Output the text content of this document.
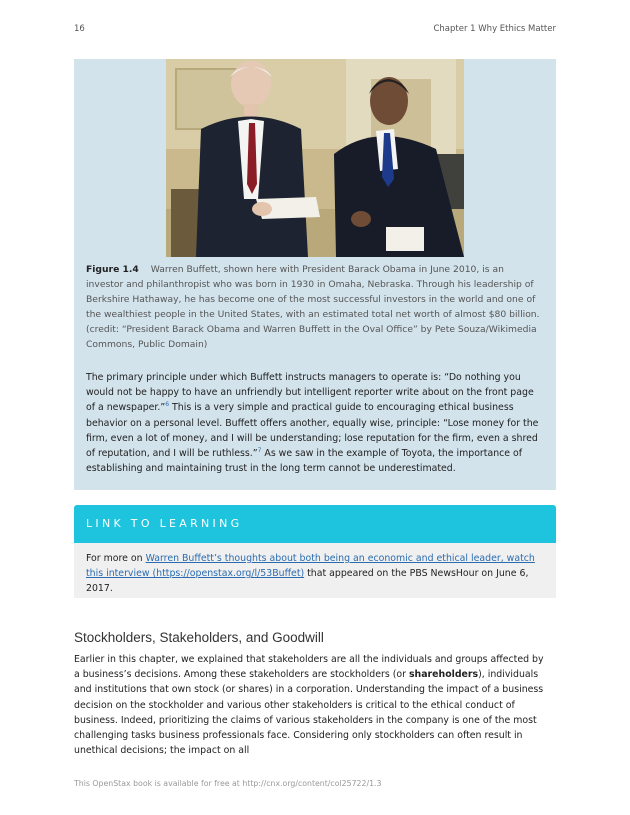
16	Chapter 1 Why Ethics Matter
Figure 1.4 Warren Buffett, shown here with President Barack Obama in June 2010, is an investor and philanthropist who was born in 1930 in Omaha, Nebraska. Through his leadership of Berkshire Hathaway, he has become one of the most successful investors in the world and one of the wealthiest people in the United States, with an estimated total net worth of almost $80 billion. (credit: “President Barack Obama and Warren Buffett in the Oval Office” by Pete Souza/Wikimedia Commons, Public Domain)
The primary principle under which Buffett instructs managers to operate is: “Do nothing you would not be happy to have an unfriendly but intelligent reporter write about on the front page of a newspaper.”$^6$ This is a very simple and practical guide to encouraging ethical business behavior on a personal level. Buffett offers another, equally wise, principle: “Lose money for the firm, even a lot of money, and I will be understanding; lose reputation for the firm, even a shred of reputation, and I will be ruthless.”$^7$ As we saw in the example of Toyota, the importance of establishing and maintaining trust in the long term cannot be underestimated.
LINK TO LEARNING
For more on Warren Buffett’s thoughts about both being an economic and ethical leader, watch this interview (https://openstax.org/l/53Buffet) that appeared on the PBS NewsHour on June 6, 2017.
Stockholders, Stakeholders, and Goodwill
Earlier in this chapter, we explained that stakeholders are all the individuals and groups affected by a business’s decisions. Among these stakeholders are stockholders (or shareholders), individuals and institutions that own stock (or shares) in a corporation. Understanding the impact of a business decision on the stockholder and various other stakeholders is critical to the ethical conduct of business. Indeed, prioritizing the claims of various stakeholders in the company is one of the most challenging tasks business professionals face. Considering only stockholders can often result in unethical decisions; the impact on all
This OpenStax book is available for free at http://cnx.org/content/col25722/1.3
